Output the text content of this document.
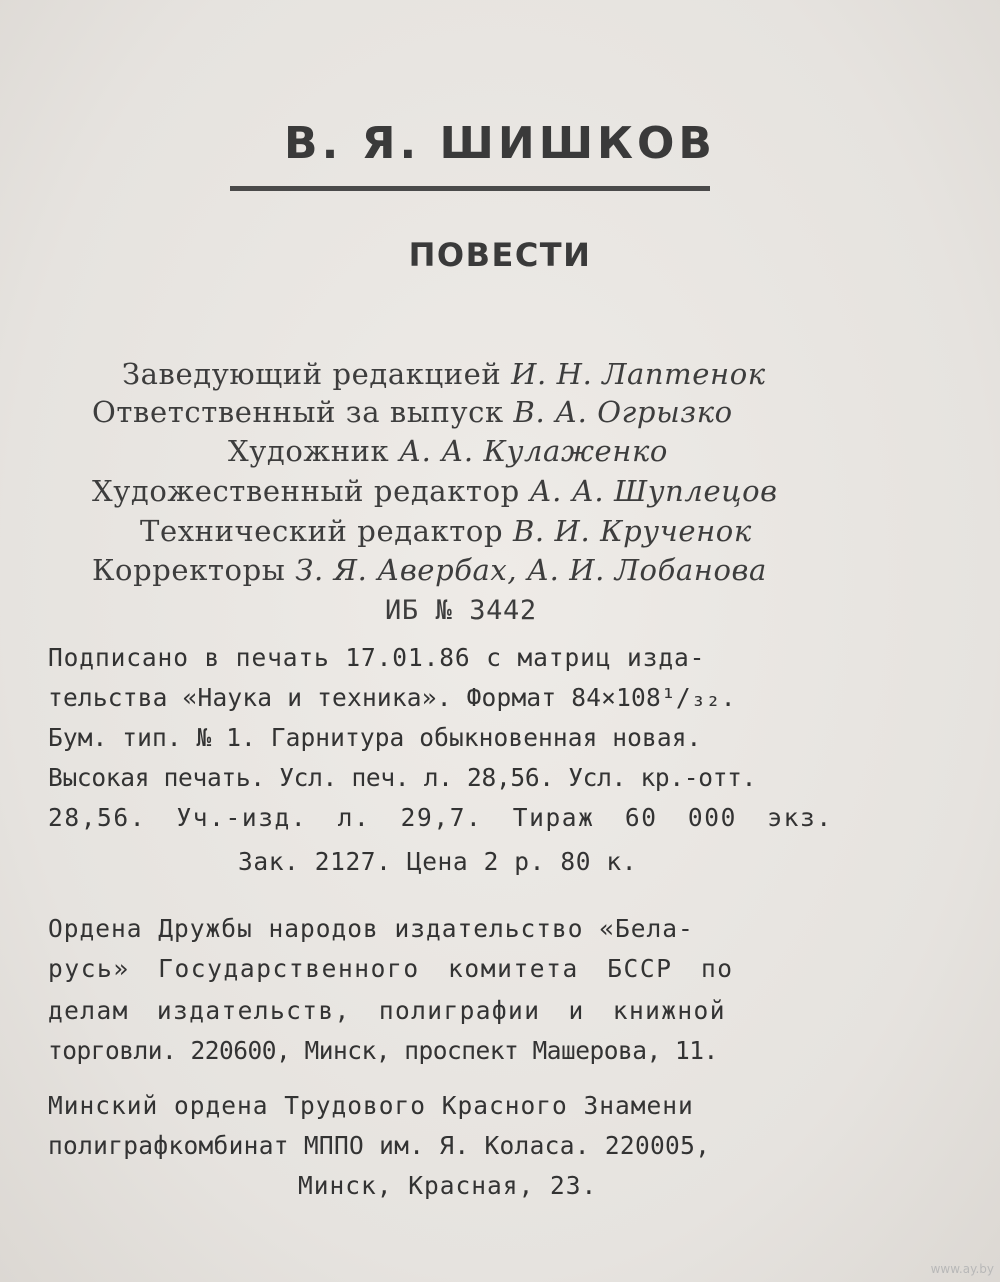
В. Я. ШИШКОВ
ПОВЕСТИ
Заведующий редакцией И. Н. Лаптенок
Ответственный за выпуск В. А. Огрызко
Художник А. А. Кулаженко
Художественный редактор А. А. Шуплецов
Технический редактор В. И. Крученок
Корректоры З. Я. Авербах, А. И. Лобанова
ИБ № 3442
Подписано в печать 17.01.86 с матриц изда-
тельства «Наука и техника». Формат 84×108¹/₃₂.
Бум. тип. № 1. Гарнитура обыкновенная новая.
Высокая печать. Усл. печ. л. 28,56. Усл. кр.-отт.
28,56. Уч.-изд. л. 29,7. Тираж 60 000 экз.
Зак. 2127. Цена 2 р. 80 к.
Ордена Дружбы народов издательство «Бела-
русь» Государственного комитета БССР по
делам издательств, полиграфии и книжной
торговли. 220600, Минск, проспект Машерова, 11.
Минский ордена Трудового Красного Знамени
полиграфкомбинат МППО им. Я. Коласа. 220005,
Минск, Красная, 23.
www.ay.by
